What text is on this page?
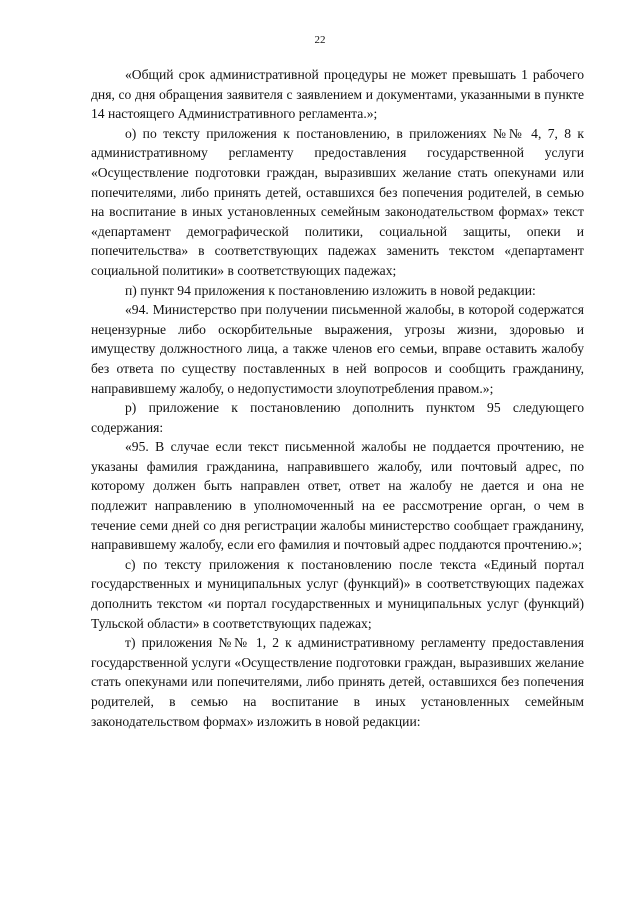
22

«Общий срок административной процедуры не может превышать 1 рабочего дня, со дня обращения заявителя с заявлением и документами, указанными в пункте 14 настоящего Административного регламента.»;

о) по тексту приложения к постановлению, в приложениях №№ 4, 7, 8 к административному регламенту предоставления государственной услуги «Осуществление подготовки граждан, выразивших желание стать опекунами или попечителями, либо принять детей, оставшихся без попечения родителей, в семью на воспитание в иных установленных семейным законодательством формах» текст «департамент демографической политики, социальной защиты, опеки и попечительства» в соответствующих падежах заменить текстом «департамент социальной политики» в соответствующих падежах;

п) пункт 94 приложения к постановлению изложить в новой редакции:

«94. Министерство при получении письменной жалобы, в которой содержатся нецензурные либо оскорбительные выражения, угрозы жизни, здоровью и имуществу должностного лица, а также членов его семьи, вправе оставить жалобу без ответа по существу поставленных в ней вопросов и сообщить гражданину, направившему жалобу, о недопустимости злоупотребления правом.»;

р) приложение к постановлению дополнить пунктом 95 следующего содержания:

«95. В случае если текст письменной жалобы не поддается прочтению, не указаны фамилия гражданина, направившего жалобу, или почтовый адрес, по которому должен быть направлен ответ, ответ на жалобу не дается и она не подлежит направлению в уполномоченный на ее рассмотрение орган, о чем в течение семи дней со дня регистрации жалобы министерство сообщает гражданину, направившему жалобу, если его фамилия и почтовый адрес поддаются прочтению.»;

с) по тексту приложения к постановлению после текста «Единый портал государственных и муниципальных услуг (функций)» в соответствующих падежах дополнить текстом «и портал государственных и муниципальных услуг (функций) Тульской области» в соответствующих падежах;

т) приложения №№ 1, 2 к административному регламенту предоставления государственной услуги «Осуществление подготовки граждан, выразивших желание стать опекунами или попечителями, либо принять детей, оставшихся без попечения родителей, в семью на воспитание в иных установленных семейным законодательством формах» изложить в новой редакции:
